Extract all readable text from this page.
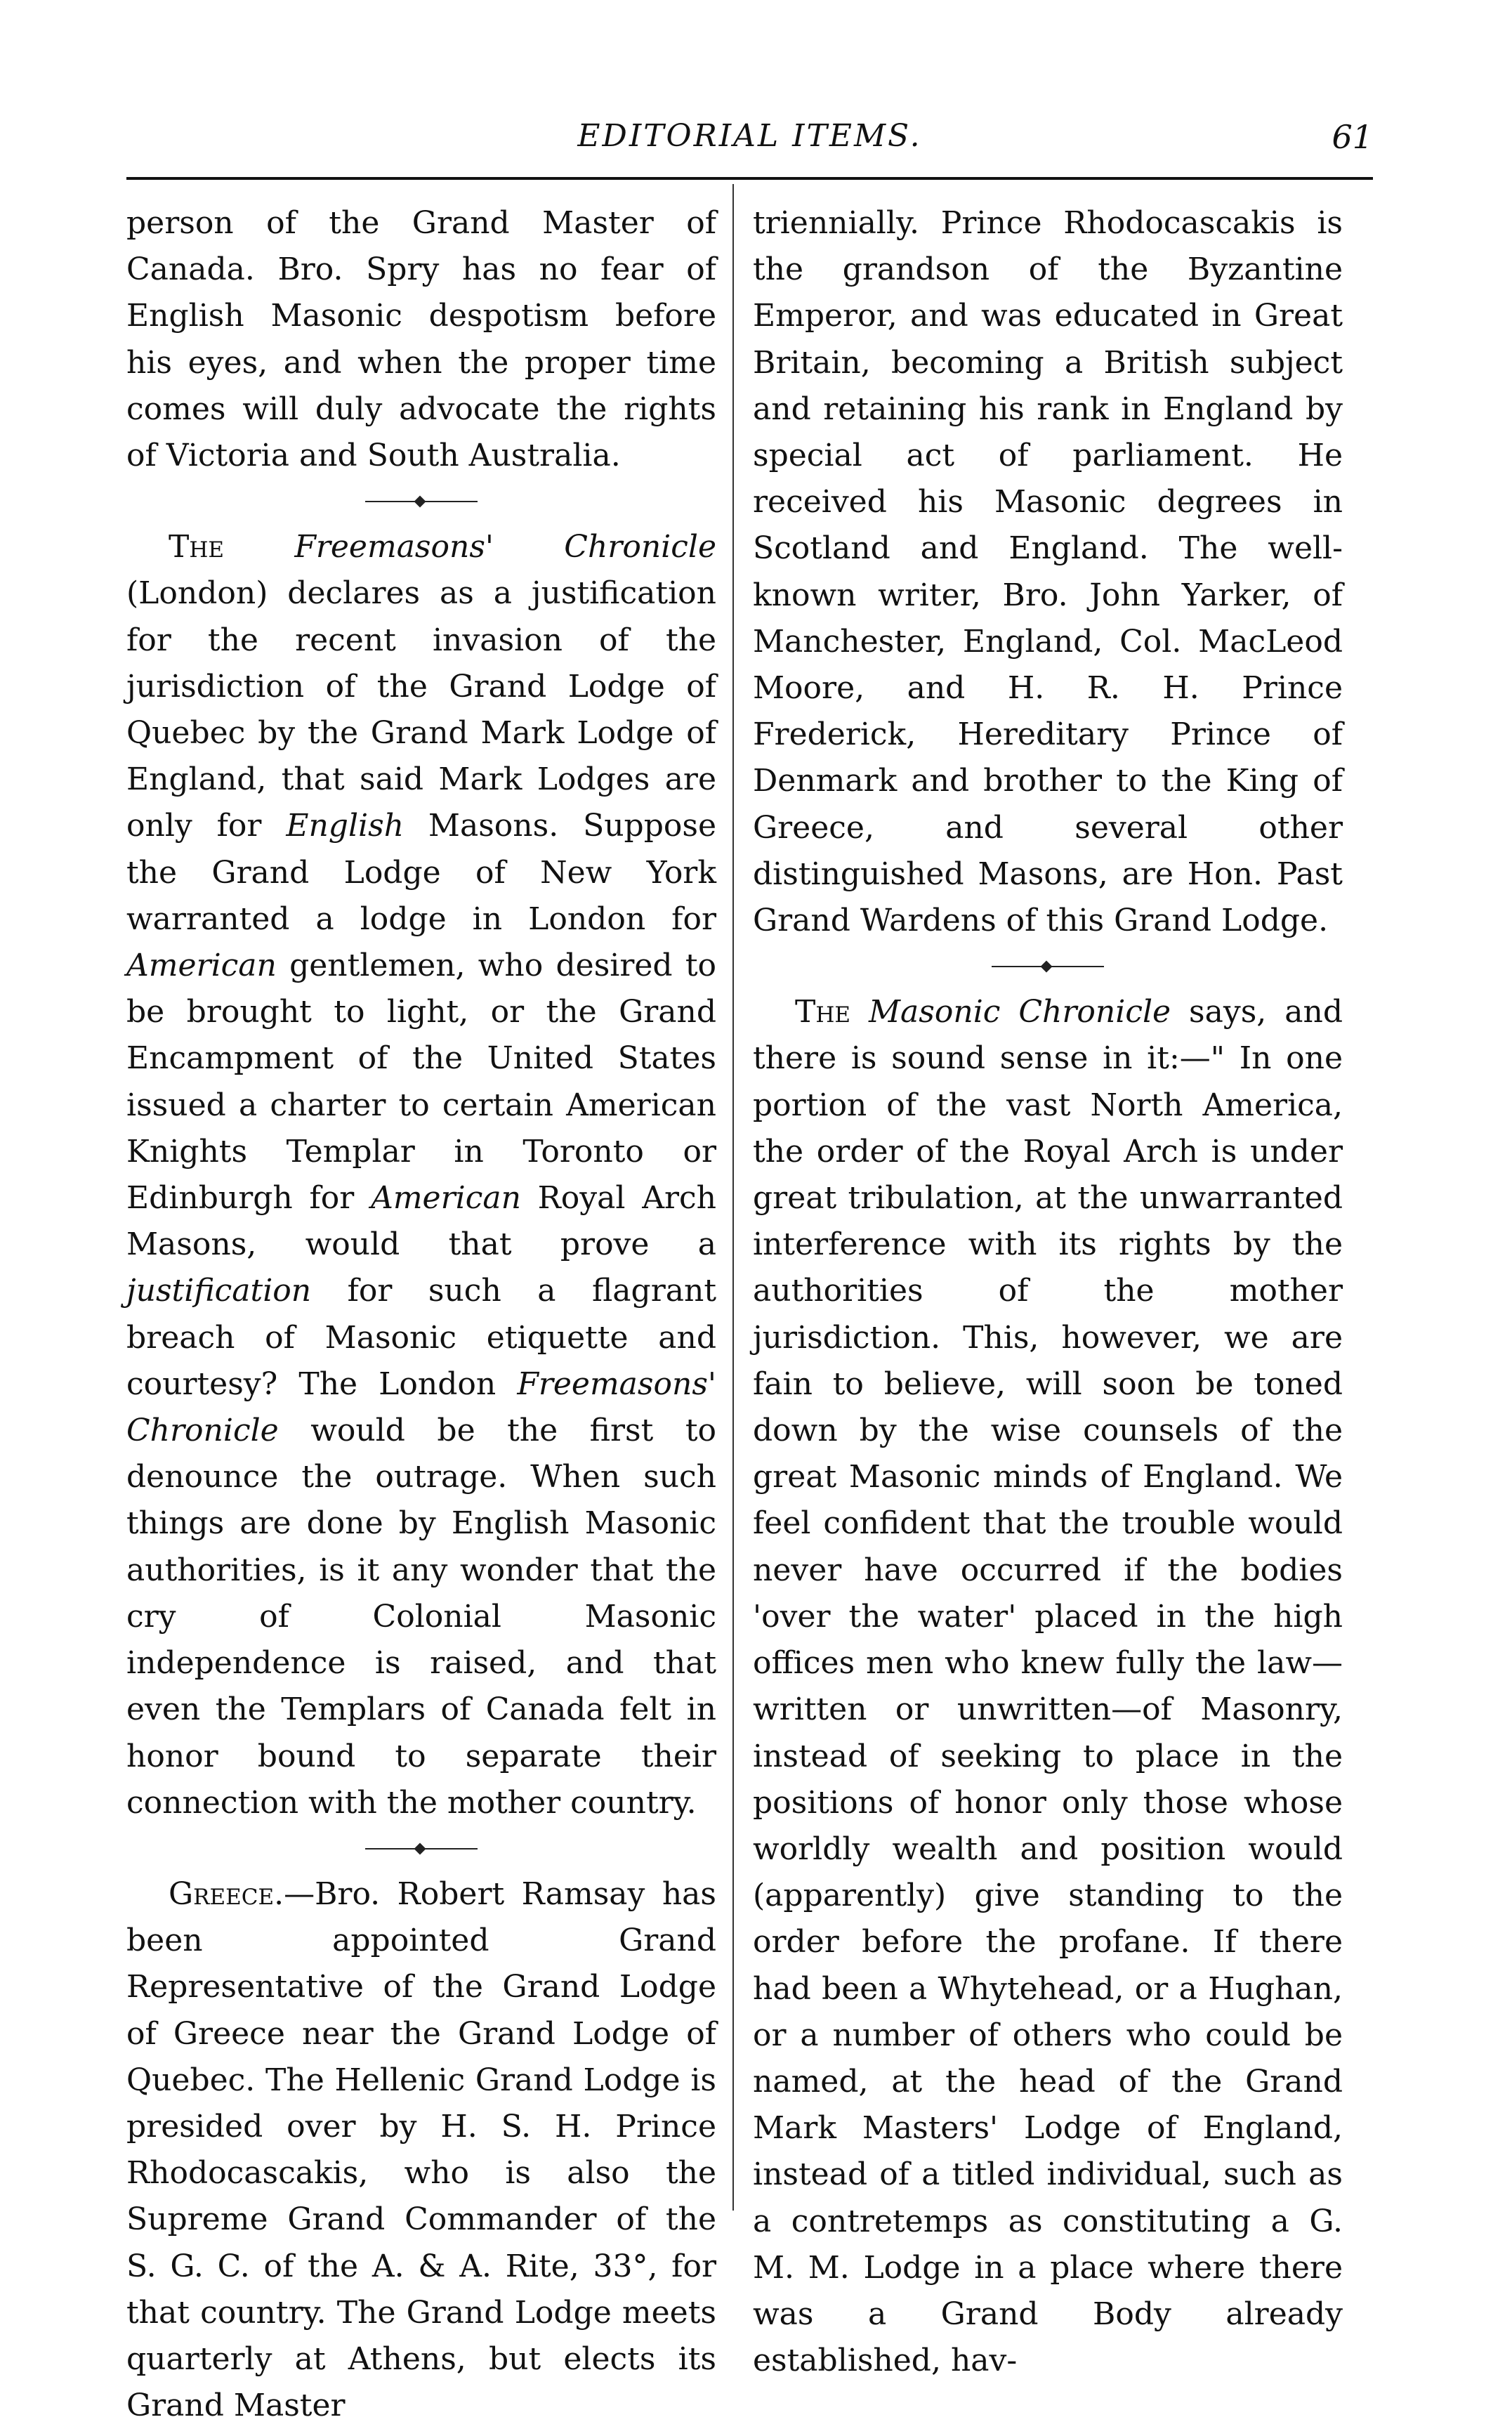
EDITORIAL ITEMS.	61

person of the Grand Master of Canada. Bro. Spry has no fear of English Masonic despotism before his eyes, and when the proper time comes will duly advocate the rights of Victoria and South Australia.

The Freemasons' Chronicle (London) declares as a justification for the recent invasion of the jurisdiction of the Grand Lodge of Quebec by the Grand Mark Lodge of England, that said Mark Lodges are only for English Masons. Suppose the Grand Lodge of New York warranted a lodge in London for American gentlemen, who desired to be brought to light, or the Grand Encampment of the United States issued a charter to certain American Knights Templar in Toronto or Edinburgh for American Royal Arch Masons, would that prove a justification for such a flagrant breach of Masonic etiquette and courtesy? The London Freemasons' Chronicle would be the first to denounce the outrage. When such things are done by English Masonic authorities, is it any wonder that the cry of Colonial Masonic independence is raised, and that even the Templars of Canada felt in honor bound to separate their connection with the mother country.

Greece.—Bro. Robert Ramsay has been appointed Grand Representative of the Grand Lodge of Greece near the Grand Lodge of Quebec. The Hellenic Grand Lodge is presided over by H. S. H. Prince Rhodocascakis, who is also the Supreme Grand Commander of the S. G. C. of the A. & A. Rite, 33°, for that country. The Grand Lodge meets quarterly at Athens, but elects its Grand Master

triennially. Prince Rhodocascakis is the grandson of the Byzantine Emperor, and was educated in Great Britain, becoming a British subject and retaining his rank in England by special act of parliament. He received his Masonic degrees in Scotland and England. The well-known writer, Bro. John Yarker, of Manchester, England, Col. MacLeod Moore, and H. R. H. Prince Frederick, Hereditary Prince of Denmark and brother to the King of Greece, and several other distinguished Masons, are Hon. Past Grand Wardens of this Grand Lodge.

The Masonic Chronicle says, and there is sound sense in it:—" In one portion of the vast North America, the order of the Royal Arch is under great tribulation, at the unwarranted interference with its rights by the authorities of the mother jurisdiction. This, however, we are fain to believe, will soon be toned down by the wise counsels of the great Masonic minds of England. We feel confident that the trouble would never have occurred if the bodies 'over the water' placed in the high offices men who knew fully the law—written or unwritten—of Masonry, instead of seeking to place in the positions of honor only those whose worldly wealth and position would (apparently) give standing to the order before the profane. If there had been a Whytehead, or a Hughan, or a number of others who could be named, at the head of the Grand Mark Masters' Lodge of England, instead of a titled individual, such as a contretemps as constituting a G. M. M. Lodge in a place where there was a Grand Body already established, hav-
